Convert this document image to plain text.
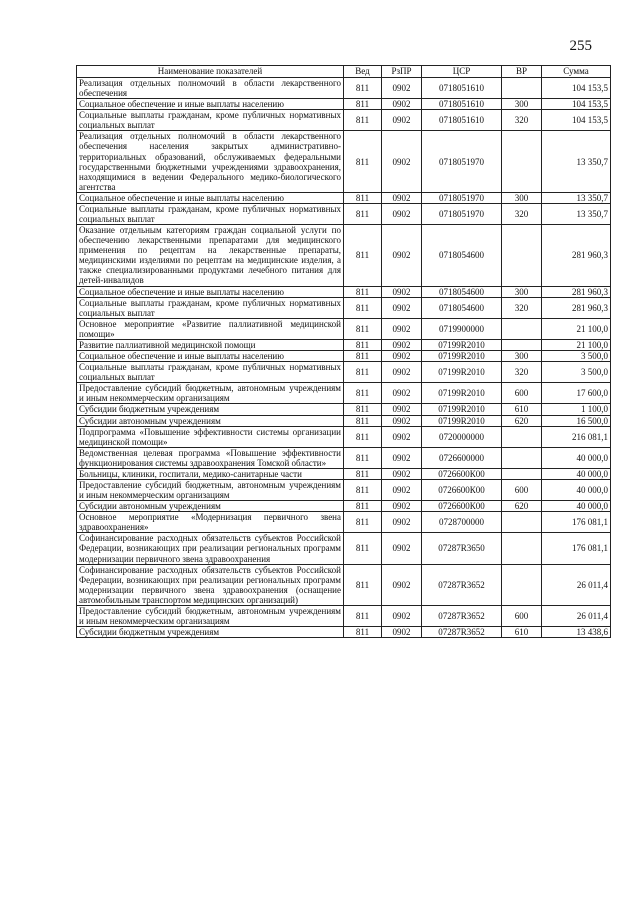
255
Наименование показателей	Вед	РзПР	ЦСР	ВР	Сумма
Реализация отдельных полномочий в области лекарственного обеспечения	811	0902	0718051610		104 153,5
Социальное обеспечение и иные выплаты населению	811	0902	0718051610	300	104 153,5
Социальные выплаты гражданам, кроме публичных нормативных социальных выплат	811	0902	0718051610	320	104 153,5
Реализация отдельных полномочий в области лекарственного обеспечения населения закрытых административно-территориальных образований, обслуживаемых федеральными государственными бюджетными учреждениями здравоохранения, находящимися в ведении Федерального медико-биологического агентства	811	0902	0718051970		13 350,7
Социальное обеспечение и иные выплаты населению	811	0902	0718051970	300	13 350,7
Социальные выплаты гражданам, кроме публичных нормативных социальных выплат	811	0902	0718051970	320	13 350,7
Оказание отдельным категориям граждан социальной услуги по обеспечению лекарственными препаратами для медицинского применения по рецептам на лекарственные препараты, медицинскими изделиями по рецептам на медицинские изделия, а также специализированными продуктами лечебного питания для детей-инвалидов	811	0902	0718054600		281 960,3
Социальное обеспечение и иные выплаты населению	811	0902	0718054600	300	281 960,3
Социальные выплаты гражданам, кроме публичных нормативных социальных выплат	811	0902	0718054600	320	281 960,3
Основное мероприятие «Развитие паллиативной медицинской помощи»	811	0902	0719900000		21 100,0
Развитие паллиативной медицинской помощи	811	0902	07199R2010		21 100,0
Социальное обеспечение и иные выплаты населению	811	0902	07199R2010	300	3 500,0
Социальные выплаты гражданам, кроме публичных нормативных социальных выплат	811	0902	07199R2010	320	3 500,0
Предоставление субсидий бюджетным, автономным учреждениям и иным некоммерческим организациям	811	0902	07199R2010	600	17 600,0
Субсидии бюджетным учреждениям	811	0902	07199R2010	610	1 100,0
Субсидии автономным учреждениям	811	0902	07199R2010	620	16 500,0
Подпрограмма «Повышение эффективности системы организации медицинской помощи»	811	0902	0720000000		216 081,1
Ведомственная целевая программа «Повышение эффективности функционирования системы здравоохранения Томской области»	811	0902	0726600000		40 000,0
Больницы, клиники, госпитали, медико-санитарные части	811	0902	0726600К00		40 000,0
Предоставление субсидий бюджетным, автономным учреждениям и иным некоммерческим организациям	811	0902	0726600К00	600	40 000,0
Субсидии автономным учреждениям	811	0902	0726600К00	620	40 000,0
Основное мероприятие «Модернизация первичного звена здравоохранения»	811	0902	0728700000		176 081,1
Софинансирование расходных обязательств субъектов Российской Федерации, возникающих при реализации региональных программ модернизации первичного звена здравоохранения	811	0902	07287R3650		176 081,1
Софинансирование расходных обязательств субъектов Российской Федерации, возникающих при реализации региональных программ модернизации первичного звена здравоохранения (оснащение автомобильным транспортом медицинских организаций)	811	0902	07287R3652		26 011,4
Предоставление субсидий бюджетным, автономным учреждениям и иным некоммерческим организациям	811	0902	07287R3652	600	26 011,4
Субсидии бюджетным учреждениям	811	0902	07287R3652	610	13 438,6
